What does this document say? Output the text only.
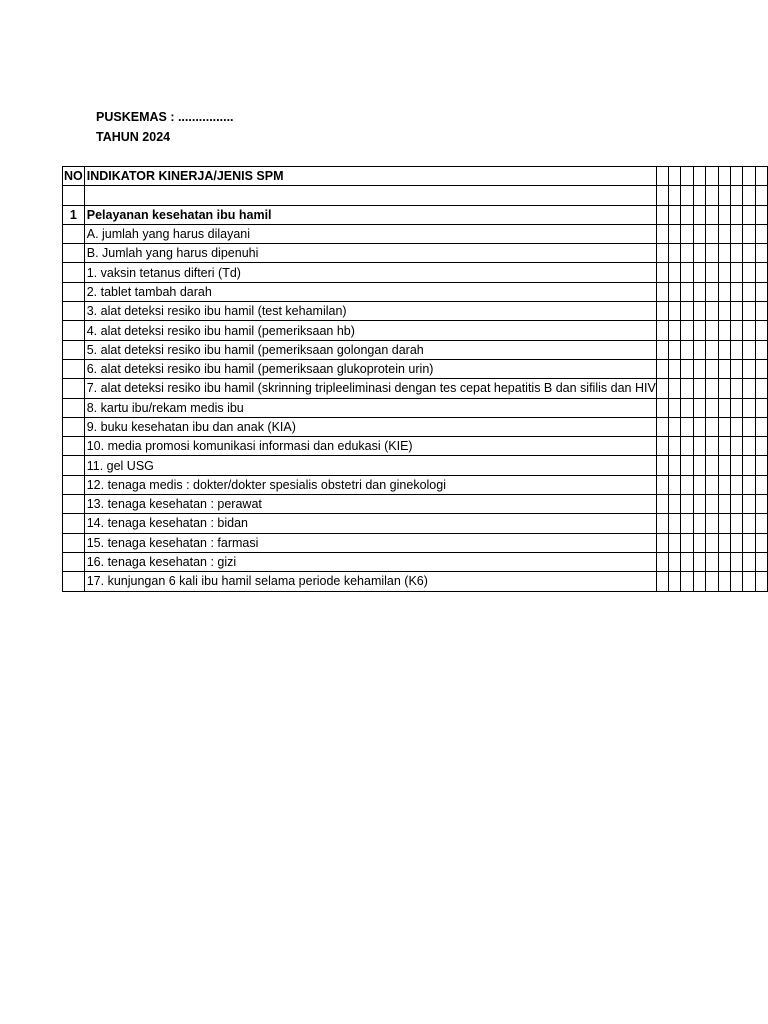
PUSKEMAS : ................
TAHUN 2024
NO	INDIKATOR KINERJA/JENIS SPM									

1	Pelayanan kesehatan ibu hamil									
	A. jumlah yang harus dilayani									
	B. Jumlah yang harus dipenuhi									
	1. vaksin tetanus difteri (Td)									
	2. tablet tambah darah									
	3. alat deteksi resiko ibu hamil (test kehamilan)									
	4. alat deteksi resiko ibu hamil (pemeriksaan hb)									
	5. alat deteksi resiko ibu hamil (pemeriksaan golongan darah									
	6. alat deteksi resiko ibu hamil (pemeriksaan glukoprotein urin)									
	7. alat deteksi resiko ibu hamil (skrinning tripleeliminasi dengan tes cepat hepatitis B dan sifilis dan HIV									
	8. kartu ibu/rekam medis ibu									
	9. buku kesehatan ibu dan anak (KIA)									
	10. media promosi komunikasi informasi dan edukasi (KIE)									
	11. gel USG									
	12. tenaga medis : dokter/dokter spesialis obstetri dan ginekologi									
	13. tenaga kesehatan : perawat									
	14. tenaga kesehatan : bidan									
	15. tenaga kesehatan : farmasi									
	16. tenaga kesehatan : gizi									
	17. kunjungan 6 kali ibu hamil selama periode kehamilan (K6)									
